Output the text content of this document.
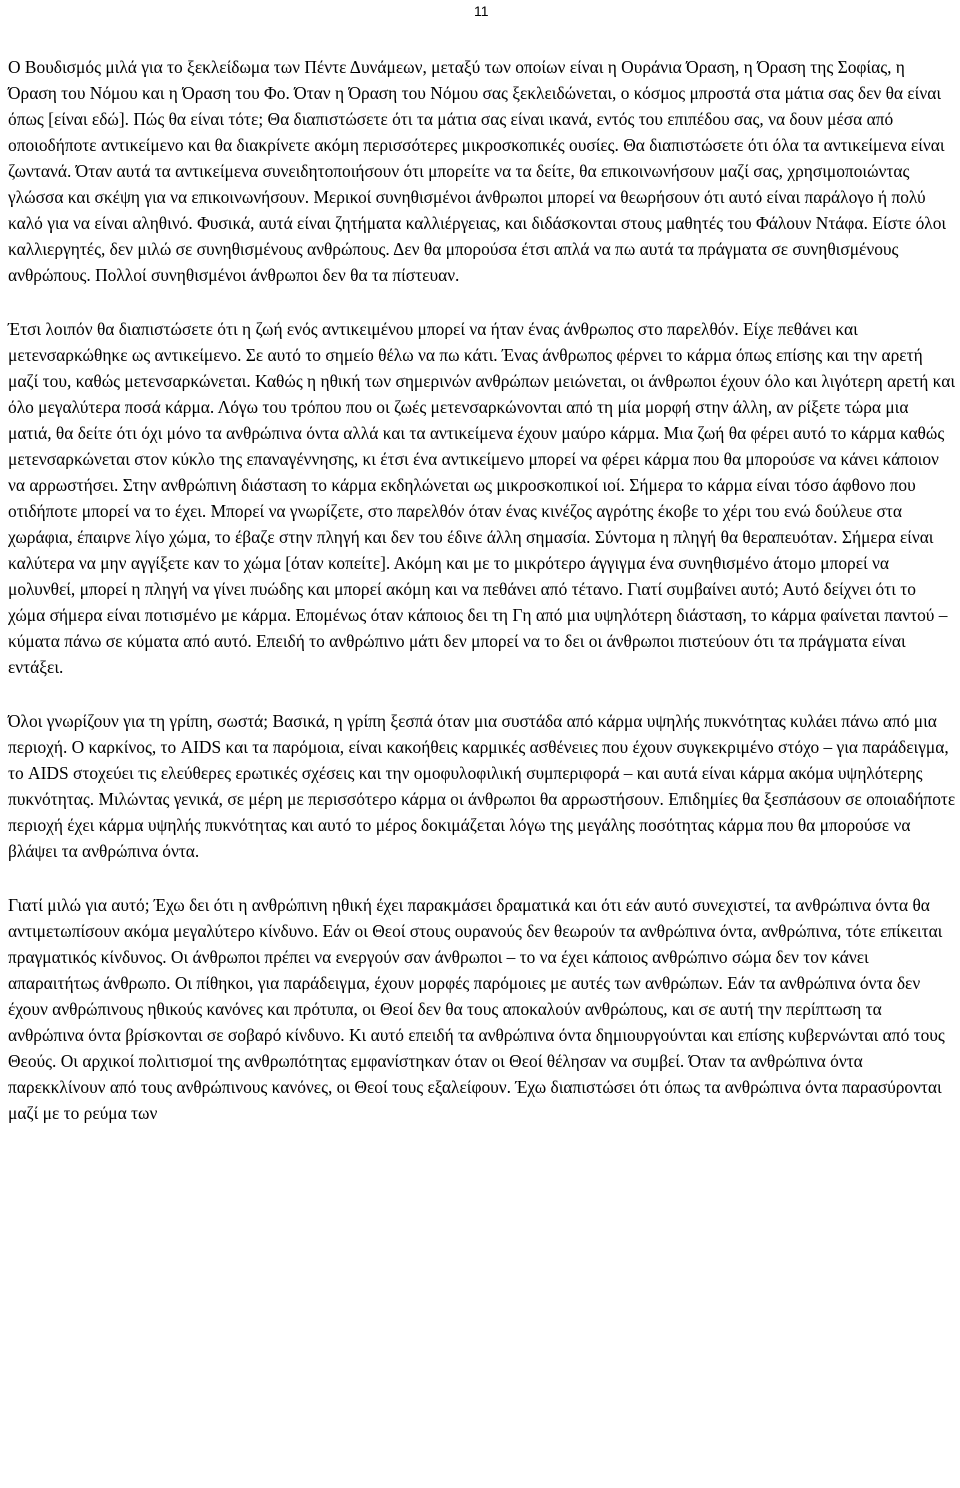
11

Ο Βουδισμός μιλά για το ξεκλείδωμα των Πέντε Δυνάμεων, μεταξύ των οποίων είναι η Ουράνια Όραση, η Όραση της Σοφίας, η Όραση του Νόμου και η Όραση του Φο. Όταν η Όραση του Νόμου σας ξεκλειδώνεται, ο κόσμος μπροστά στα μάτια σας δεν θα είναι όπως [είναι εδώ]. Πώς θα είναι τότε; Θα διαπιστώσετε ότι τα μάτια σας είναι ικανά, εντός του επιπέδου σας, να δουν μέσα από οποιοδήποτε αντικείμενο και θα διακρίνετε ακόμη περισσότερες μικροσκοπικές ουσίες. Θα διαπιστώσετε ότι όλα τα αντικείμενα είναι ζωντανά. Όταν αυτά τα αντικείμενα συνειδητοποιήσουν ότι μπορείτε να τα δείτε, θα επικοινωνήσουν μαζί σας, χρησιμοποιώντας γλώσσα και σκέψη για να επικοινωνήσουν. Μερικοί συνηθισμένοι άνθρωποι μπορεί να θεωρήσουν ότι αυτό είναι παράλογο ή πολύ καλό για να είναι αληθινό. Φυσικά, αυτά είναι ζητήματα καλλιέργειας, και διδάσκονται στους μαθητές του Φάλουν Ντάφα. Είστε όλοι καλλιεργητές, δεν μιλώ σε συνηθισμένους ανθρώπους. Δεν θα μπορούσα έτσι απλά να πω αυτά τα πράγματα σε συνηθισμένους ανθρώπους. Πολλοί συνηθισμένοι άνθρωποι δεν θα τα πίστευαν.

Έτσι λοιπόν θα διαπιστώσετε ότι η ζωή ενός αντικειμένου μπορεί να ήταν ένας άνθρωπος στο παρελθόν. Είχε πεθάνει και μετενσαρκώθηκε ως αντικείμενο. Σε αυτό το σημείο θέλω να πω κάτι. Ένας άνθρωπος φέρνει το κάρμα όπως επίσης και την αρετή μαζί του, καθώς μετενσαρκώνεται. Καθώς η ηθική των σημερινών ανθρώπων μειώνεται, οι άνθρωποι έχουν όλο και λιγότερη αρετή και όλο μεγαλύτερα ποσά κάρμα. Λόγω του τρόπου που οι ζωές μετενσαρκώνονται από τη μία μορφή στην άλλη, αν ρίξετε τώρα μια ματιά, θα δείτε ότι όχι μόνο τα ανθρώπινα όντα αλλά και τα αντικείμενα έχουν μαύρο κάρμα. Μια ζωή θα φέρει αυτό το κάρμα καθώς μετενσαρκώνεται στον κύκλο της επαναγέννησης, κι έτσι ένα αντικείμενο μπορεί να φέρει κάρμα που θα μπορούσε να κάνει κάποιον να αρρωστήσει. Στην ανθρώπινη διάσταση το κάρμα εκδηλώνεται ως μικροσκοπικοί ιοί. Σήμερα το κάρμα είναι τόσο άφθονο που οτιδήποτε μπορεί να το έχει. Μπορεί να γνωρίζετε, στο παρελθόν όταν ένας κινέζος αγρότης έκοβε το χέρι του ενώ δούλευε στα χωράφια, έπαιρνε λίγο χώμα, το έβαζε στην πληγή και δεν του έδινε άλλη σημασία. Σύντομα η πληγή θα θεραπευόταν. Σήμερα είναι καλύτερα να μην αγγίξετε καν το χώμα [όταν κοπείτε]. Ακόμη και με το μικρότερο άγγιγμα ένα συνηθισμένο άτομο μπορεί να μολυνθεί, μπορεί η πληγή να γίνει πυώδης και μπορεί ακόμη και να πεθάνει από τέτανο. Γιατί συμβαίνει αυτό; Αυτό δείχνει ότι το χώμα σήμερα είναι ποτισμένο με κάρμα. Επομένως όταν κάποιος δει τη Γη από μια υψηλότερη διάσταση, το κάρμα φαίνεται παντού – κύματα πάνω σε κύματα από αυτό. Επειδή το ανθρώπινο μάτι δεν μπορεί να το δει οι άνθρωποι πιστεύουν ότι τα πράγματα είναι εντάξει.

Όλοι γνωρίζουν για τη γρίπη, σωστά; Βασικά, η γρίπη ξεσπά όταν μια συστάδα από κάρμα υψηλής πυκνότητας κυλάει πάνω από μια περιοχή. Ο καρκίνος, το AIDS και τα παρόμοια, είναι κακοήθεις καρμικές ασθένειες που έχουν συγκεκριμένο στόχο – για παράδειγμα, το AIDS στοχεύει τις ελεύθερες ερωτικές σχέσεις και την ομοφυλοφιλική συμπεριφορά – και αυτά είναι κάρμα ακόμα υψηλότερης πυκνότητας. Μιλώντας γενικά, σε μέρη με περισσότερο κάρμα οι άνθρωποι θα αρρωστήσουν. Επιδημίες θα ξεσπάσουν σε οποιαδήποτε περιοχή έχει κάρμα υψηλής πυκνότητας και αυτό το μέρος δοκιμάζεται λόγω της μεγάλης ποσότητας κάρμα που θα μπορούσε να βλάψει τα ανθρώπινα όντα.

Γιατί μιλώ για αυτό; Έχω δει ότι η ανθρώπινη ηθική έχει παρακμάσει δραματικά και ότι εάν αυτό συνεχιστεί, τα ανθρώπινα όντα θα αντιμετωπίσουν ακόμα μεγαλύτερο κίνδυνο. Εάν οι Θεοί στους ουρανούς δεν θεωρούν τα ανθρώπινα όντα, ανθρώπινα, τότε επίκειται πραγματικός κίνδυνος. Οι άνθρωποι πρέπει να ενεργούν σαν άνθρωποι – το να έχει κάποιος ανθρώπινο σώμα δεν τον κάνει απαραιτήτως άνθρωπο. Οι πίθηκοι, για παράδειγμα, έχουν μορφές παρόμοιες με αυτές των ανθρώπων. Εάν τα ανθρώπινα όντα δεν έχουν ανθρώπινους ηθικούς κανόνες και πρότυπα, οι Θεοί δεν θα τους αποκαλούν ανθρώπους, και σε αυτή την περίπτωση τα ανθρώπινα όντα βρίσκονται σε σοβαρό κίνδυνο. Κι αυτό επειδή τα ανθρώπινα όντα δημιουργούνται και επίσης κυβερνώνται από τους Θεούς. Οι αρχικοί πολιτισμοί της ανθρωπότητας εμφανίστηκαν όταν οι Θεοί θέλησαν να συμβεί. Όταν τα ανθρώπινα όντα παρεκκλίνουν από τους ανθρώπινους κανόνες, οι Θεοί τους εξαλείφουν. Έχω διαπιστώσει ότι όπως τα ανθρώπινα όντα παρασύρονται μαζί με το ρεύμα των
